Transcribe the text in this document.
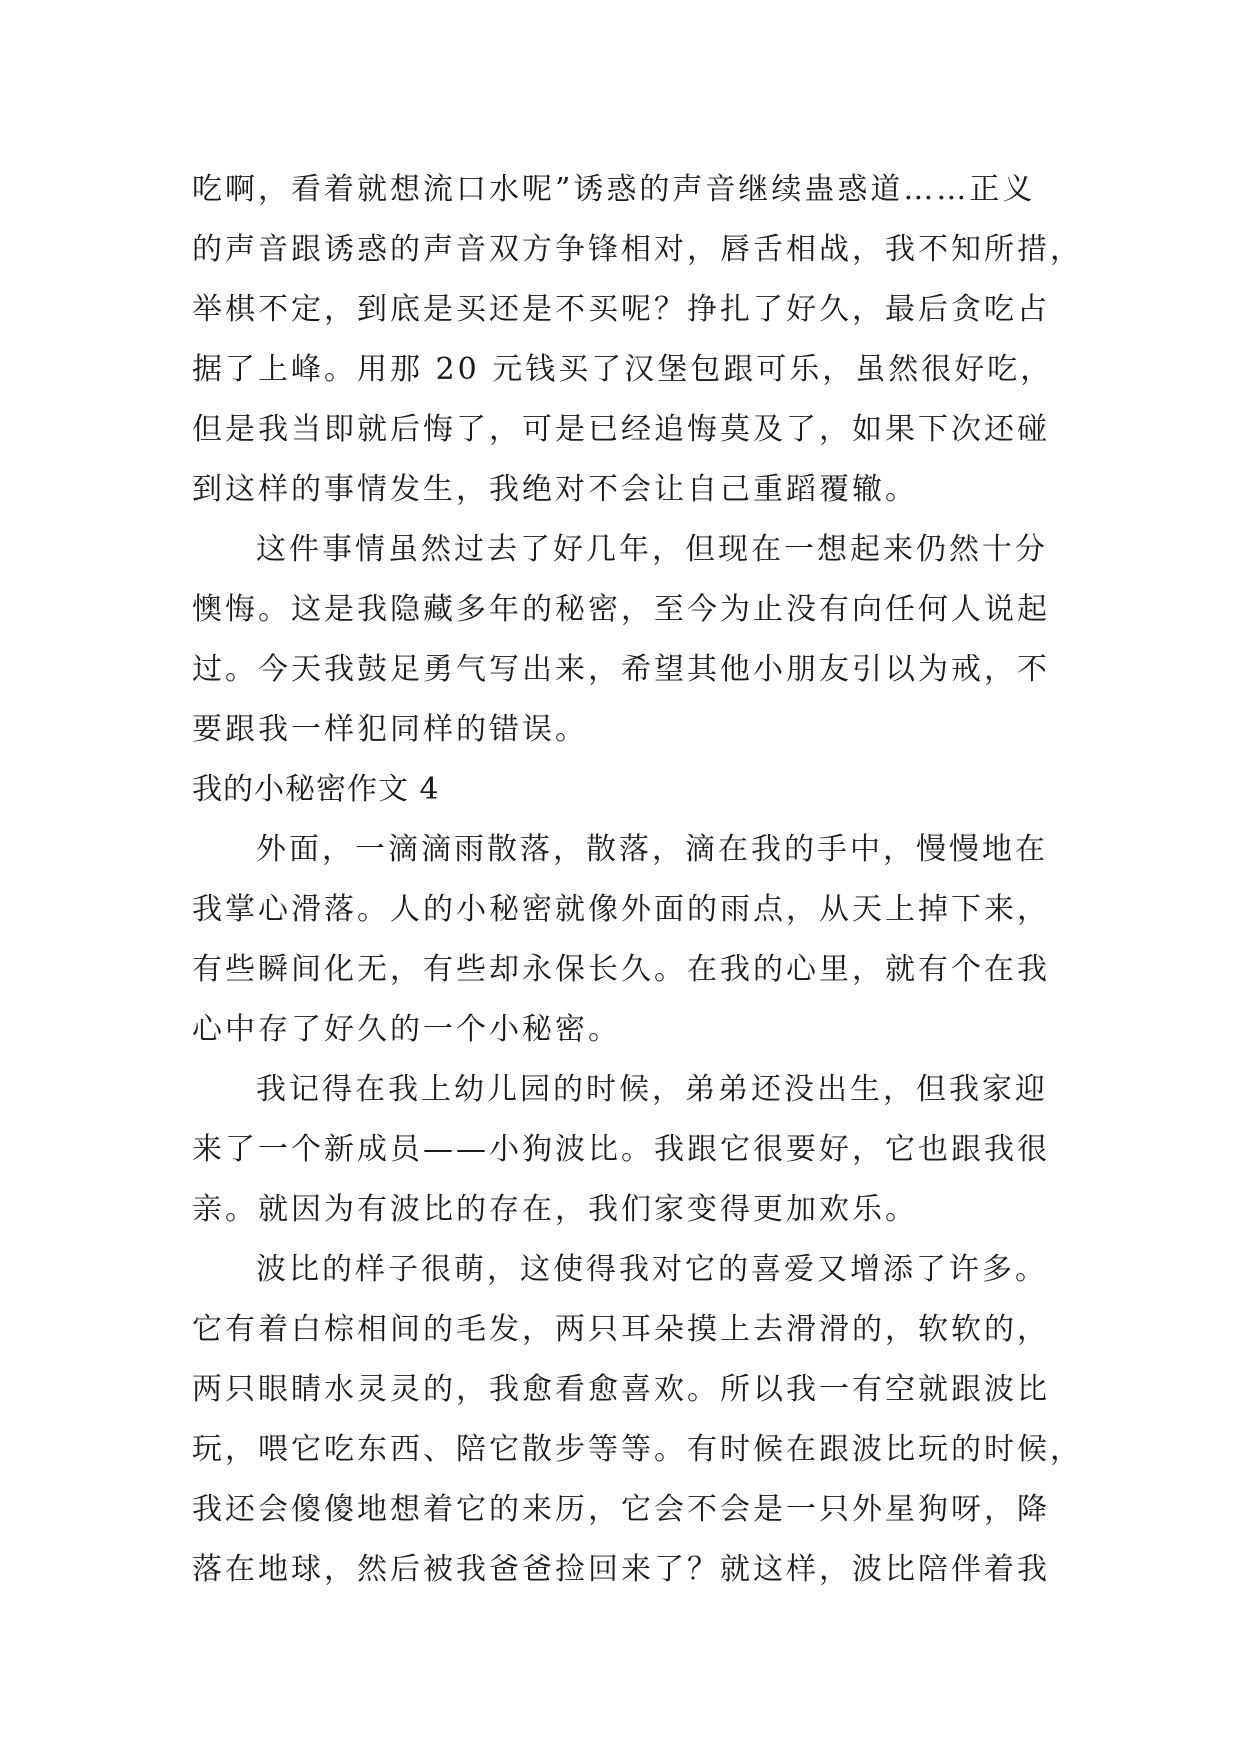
吃啊，看着就想流口水呢”诱惑的声音继续蛊惑道……正义
的声音跟诱惑的声音双方争锋相对，唇舌相战，我不知所措，
举棋不定，到底是买还是不买呢？挣扎了好久，最后贪吃占
据了上峰。用那 20 元钱买了汉堡包跟可乐，虽然很好吃，
但是我当即就后悔了，可是已经追悔莫及了，如果下次还碰
到这样的事情发生，我绝对不会让自己重蹈覆辙。
这件事情虽然过去了好几年，但现在一想起来仍然十分
懊悔。这是我隐藏多年的秘密，至今为止没有向任何人说起
过。今天我鼓足勇气写出来，希望其他小朋友引以为戒，不
要跟我一样犯同样的错误。
我的小秘密作文 4
外面，一滴滴雨散落，散落，滴在我的手中，慢慢地在
我掌心滑落。人的小秘密就像外面的雨点，从天上掉下来，
有些瞬间化无，有些却永保长久。在我的心里，就有个在我
心中存了好久的一个小秘密。
我记得在我上幼儿园的时候，弟弟还没出生，但我家迎
来了一个新成员——小狗波比。我跟它很要好，它也跟我很
亲。就因为有波比的存在，我们家变得更加欢乐。
波比的样子很萌，这使得我对它的喜爱又增添了许多。
它有着白棕相间的毛发，两只耳朵摸上去滑滑的，软软的，
两只眼睛水灵灵的，我愈看愈喜欢。所以我一有空就跟波比
玩，喂它吃东西、陪它散步等等。有时候在跟波比玩的时候，
我还会傻傻地想着它的来历，它会不会是一只外星狗呀，降
落在地球，然后被我爸爸捡回来了？就这样，波比陪伴着我
